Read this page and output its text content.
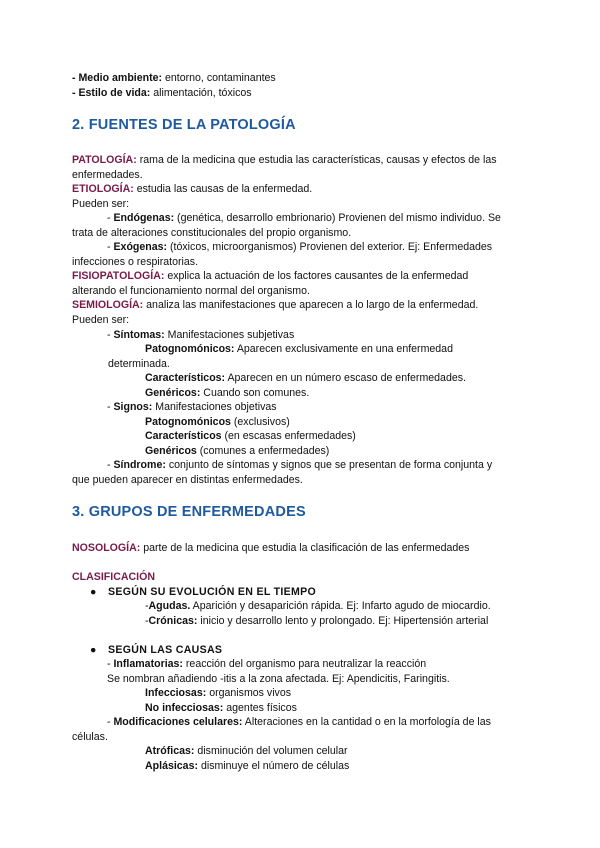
- Medio ambiente: entorno, contaminantes
- Estilo de vida: alimentación, tóxicos
2. FUENTES DE LA PATOLOGÍA
PATOLOGÍA: rama de la medicina que estudia las características, causas y efectos de las
enfermedades.
ETIOLOGÍA: estudia las causas de la enfermedad.
Pueden ser:
- Endógenas: (genética, desarrollo embrionario) Provienen del mismo individuo. Se
trata de alteraciones constitucionales del propio organismo.
- Exógenas: (tóxicos, microorganismos) Provienen del exterior. Ej: Enfermedades
infecciones o respiratorias.
FISIOPATOLOGÍA: explica la actuación de los factores causantes de la enfermedad
alterando el funcionamiento normal del organismo.
SEMIOLOGÍA: analiza las manifestaciones que aparecen a lo largo de la enfermedad.
Pueden ser:
- Síntomas: Manifestaciones subjetivas
Patognomónicos: Aparecen exclusivamente en una enfermedad
determinada.
Característicos: Aparecen en un número escaso de enfermedades.
Genéricos: Cuando son comunes.
- Signos: Manifestaciones objetivas
Patognomónicos (exclusivos)
Característicos (en escasas enfermedades)
Genéricos (comunes a enfermedades)
- Síndrome: conjunto de síntomas y signos que se presentan de forma conjunta y
que pueden aparecer en distintas enfermedades.
3. GRUPOS DE ENFERMEDADES
NOSOLOGÍA: parte de la medicina que estudia la clasificación de las enfermedades
CLASIFICACIÓN
● SEGÚN SU EVOLUCIÓN EN EL TIEMPO
-Agudas. Aparición y desaparición rápida. Ej: Infarto agudo de miocardio.
-Crónicas: inicio y desarrollo lento y prolongado. Ej: Hipertensión arterial
● SEGÚN LAS CAUSAS
- Inflamatorias: reacción del organismo para neutralizar la reacción
Se nombran añadiendo -itis a la zona afectada. Ej: Apendicitis, Faringitis.
Infecciosas: organismos vivos
No infecciosas: agentes físicos
- Modificaciones celulares: Alteraciones en la cantidad o en la morfología de las
células.
Atróficas: disminución del volumen celular
Aplásicas: disminuye el número de células
